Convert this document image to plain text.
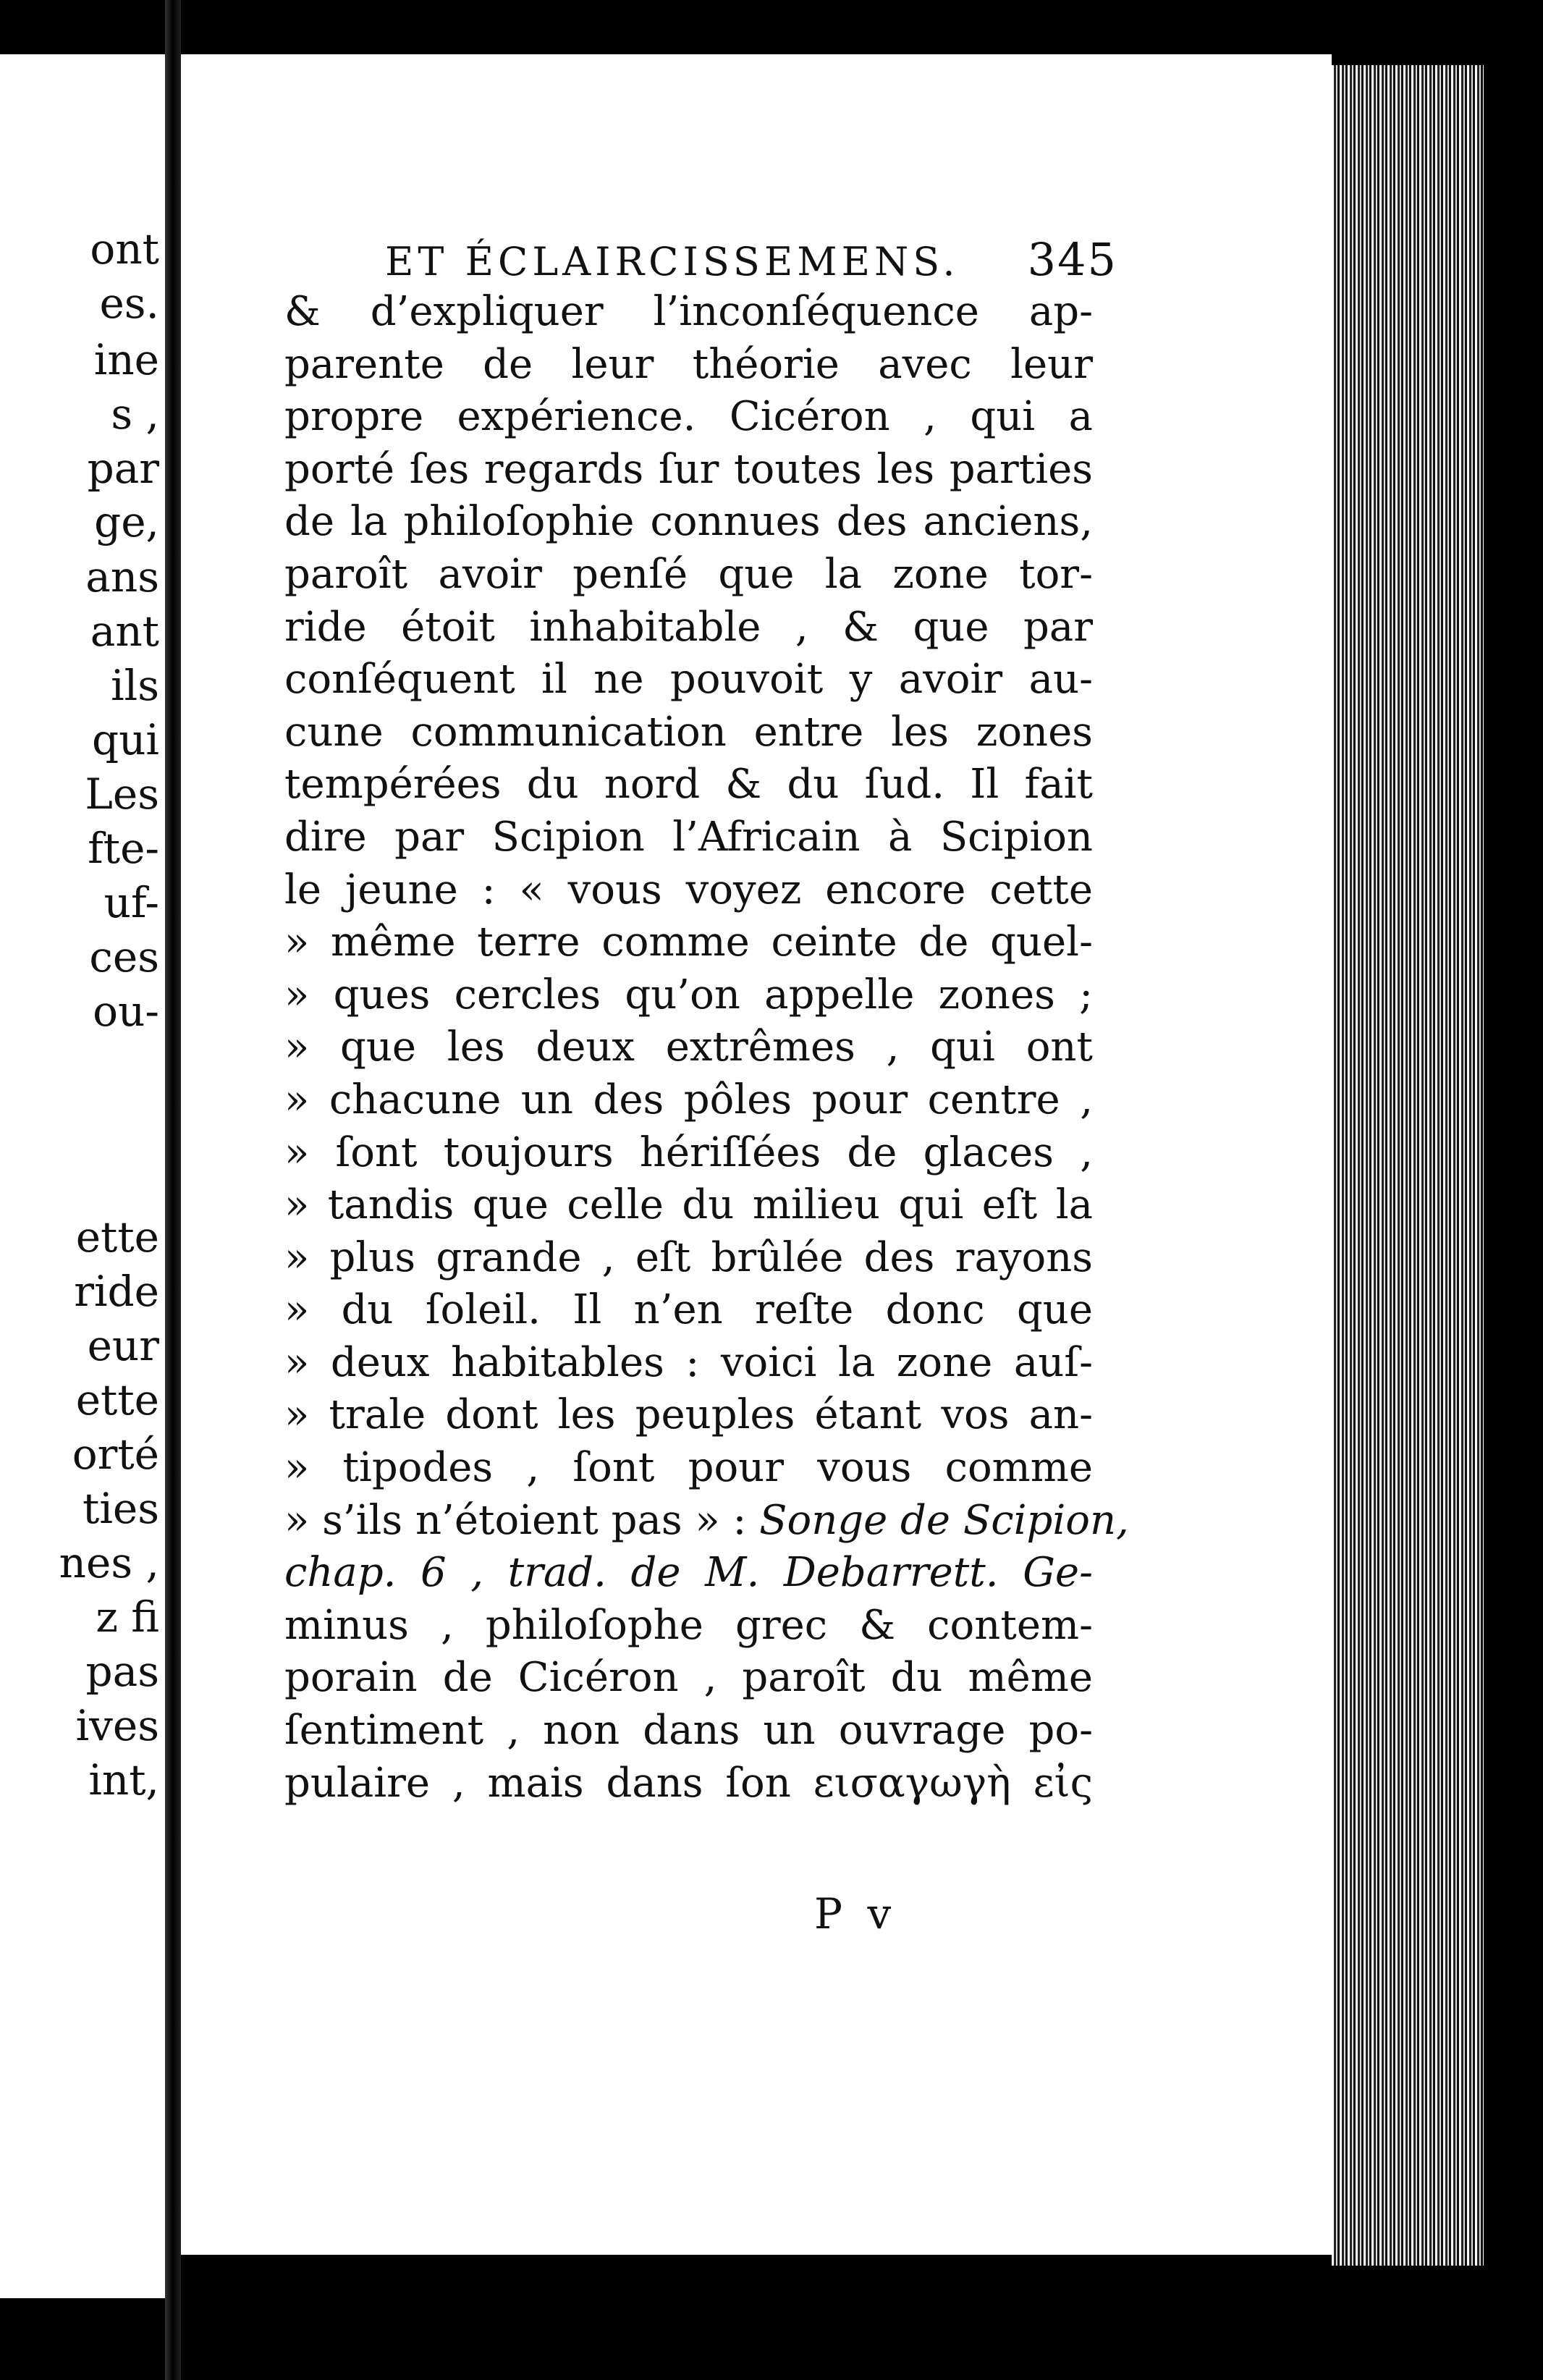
ont
es.
ine
s ,
par
ge,
ans
ant
ils
qui
Les
fte-
uf-
ces
ou-
ette
ride
eur
ette
orté
ties
nes ,
z fi
pas
ives
int,
ET ÉCLAIRCISSEMENS. 345
& d’expliquer l’inconſéquence ap-
parente de leur théorie avec leur
propre expérience. Cicéron , qui a
porté ſes regards ſur toutes les parties
de la philoſophie connues des anciens,
paroît avoir penſé que la zone tor-
ride étoit inhabitable , & que par
conſéquent il ne pouvoit y avoir au-
cune communication entre les zones
tempérées du nord & du ſud. Il fait
dire par Scipion l’Africain à Scipion
le jeune : « vous voyez encore cette
» même terre comme ceinte de quel-
» ques cercles qu’on appelle zones ;
» que les deux extrêmes , qui ont
» chacune un des pôles pour centre ,
» ſont toujours hériſſées de glaces ,
» tandis que celle du milieu qui eſt la
» plus grande , eſt brûlée des rayons
» du ſoleil. Il n’en reſte donc que
» deux habitables : voici la zone auſ-
» trale dont les peuples étant vos an-
» tipodes , ſont pour vous comme
» s’ils n’étoient pas » : Songe de Scipion,
chap. 6 , trad. de M. Debarrett. Ge-
minus , philoſophe grec & contem-
porain de Cicéron , paroît du même
ſentiment , non dans un ouvrage po-
pulaire , mais dans ſon εισαγωγὴ εἰς
P v
